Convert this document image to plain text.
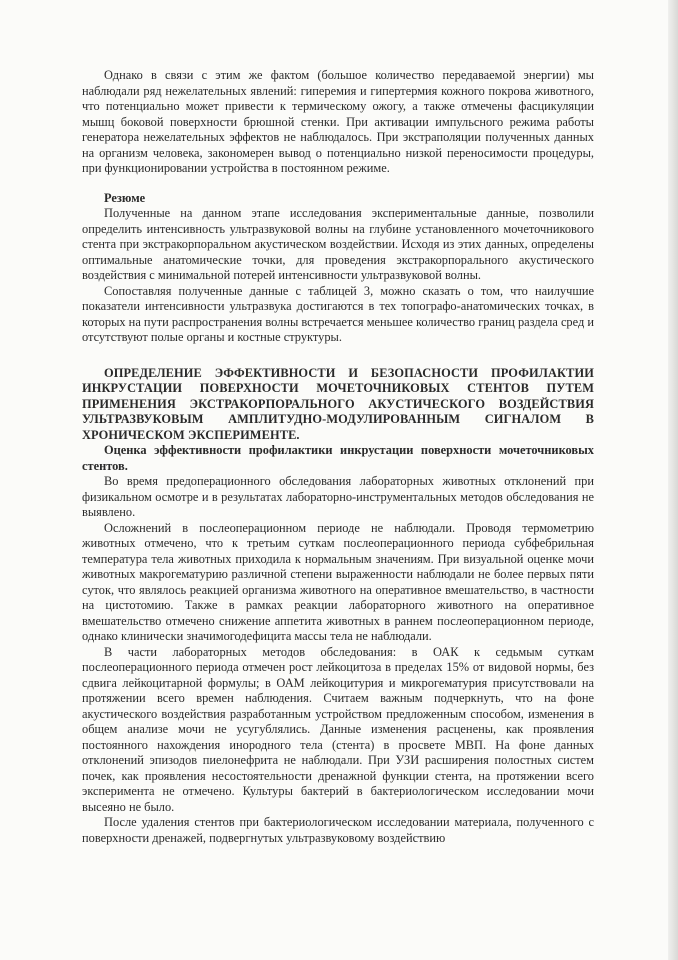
Однако в связи с этим же фактом (большое количество передаваемой энергии) мы наблюдали ряд нежелательных явлений: гиперемия и гипертермия кожного покрова животного, что потенциально может привести к термическому ожогу, а также отмечены фасцикуляции мышц боковой поверхности брюшной стенки. При активации импульсного режима работы генератора нежелательных эффектов не наблюдалось. При экстраполяции полученных данных на организм человека, закономерен вывод о потенциально низкой переносимости процедуры, при функционировании устройства в постоянном режиме.

Резюме

Полученные на данном этапе исследования экспериментальные данные, позволили определить интенсивность ультразвуковой волны на глубине установленного мочеточникового стента при экстракорпоральном акустическом воздействии. Исходя из этих данных, определены оптимальные анатомические точки, для проведения экстракорпорального акустического воздействия с минимальной потерей интенсивности ультразвуковой волны.

Сопоставляя полученные данные с таблицей 3, можно сказать о том, что наилучшие показатели интенсивности ультразвука достигаются в тех топографо-анатомических точках, в которых на пути распространения волны встречается меньшее количество границ раздела сред и отсутствуют полые органы и костные структуры.

ОПРЕДЕЛЕНИЕ ЭФФЕКТИВНОСТИ И БЕЗОПАСНОСТИ ПРОФИЛАКТИИ ИНКРУСТАЦИИ ПОВЕРХНОСТИ МОЧЕТОЧНИКОВЫХ СТЕНТОВ ПУТЕМ ПРИМЕНЕНИЯ ЭКСТРАКОРПОРАЛЬНОГО АКУСТИЧЕСКОГО ВОЗДЕЙСТВИЯ УЛЬТРАЗВУКОВЫМ АМПЛИТУДНО-МОДУЛИРОВАННЫМ СИГНАЛОМ В ХРОНИЧЕСКОМ ЭКСПЕРИМЕНТЕ.

Оценка эффективности профилактики инкрустации поверхности мочеточниковых стентов.

Во время предоперационного обследования лабораторных животных отклонений при физикальном осмотре и в результатах лабораторно-инструментальных методов обследования не выявлено.

Осложнений в послеоперационном периоде не наблюдали. Проводя термометрию животных отмечено, что к третьим суткам послеоперационного периода субфебрильная температура тела животных приходила к нормальным значениям. При визуальной оценке мочи животных макрогематурию различной степени выраженности наблюдали не более первых пяти суток, что являлось реакцией организма животного на оперативное вмешательство, в частности на цистотомию. Также в рамках реакции лабораторного животного на оперативное вмешательство отмечено снижение аппетита животных в раннем послеоперационном периоде, однако клинически значимогодефицита массы тела не наблюдали.

В части лабораторных методов обследования: в ОАК к седьмым суткам послеоперационного периода отмечен рост лейкоцитоза в пределах 15% от видовой нормы, без сдвига лейкоцитарной формулы; в ОАМ лейкоцитурия и микрогематурия присутствовали на протяжении всего времен наблюдения. Считаем важным подчеркнуть, что на фоне акустического воздействия разработанным устройством предложенным способом, изменения в общем анализе мочи не усугублялись. Данные изменения расценены, как проявления постоянного нахождения инородного тела (стента) в просвете МВП. На фоне данных отклонений эпизодов пиелонефрита не наблюдали. При УЗИ расширения полостных систем почек, как проявления несостоятельности дренажной функции стента, на протяжении всего эксперимента не отмечено. Культуры бактерий в бактериологическом исследовании мочи высеяно не было.

После удаления стентов при бактериологическом исследовании материала, полученного с поверхности дренажей, подвергнутых ультразвуковому воздействию
